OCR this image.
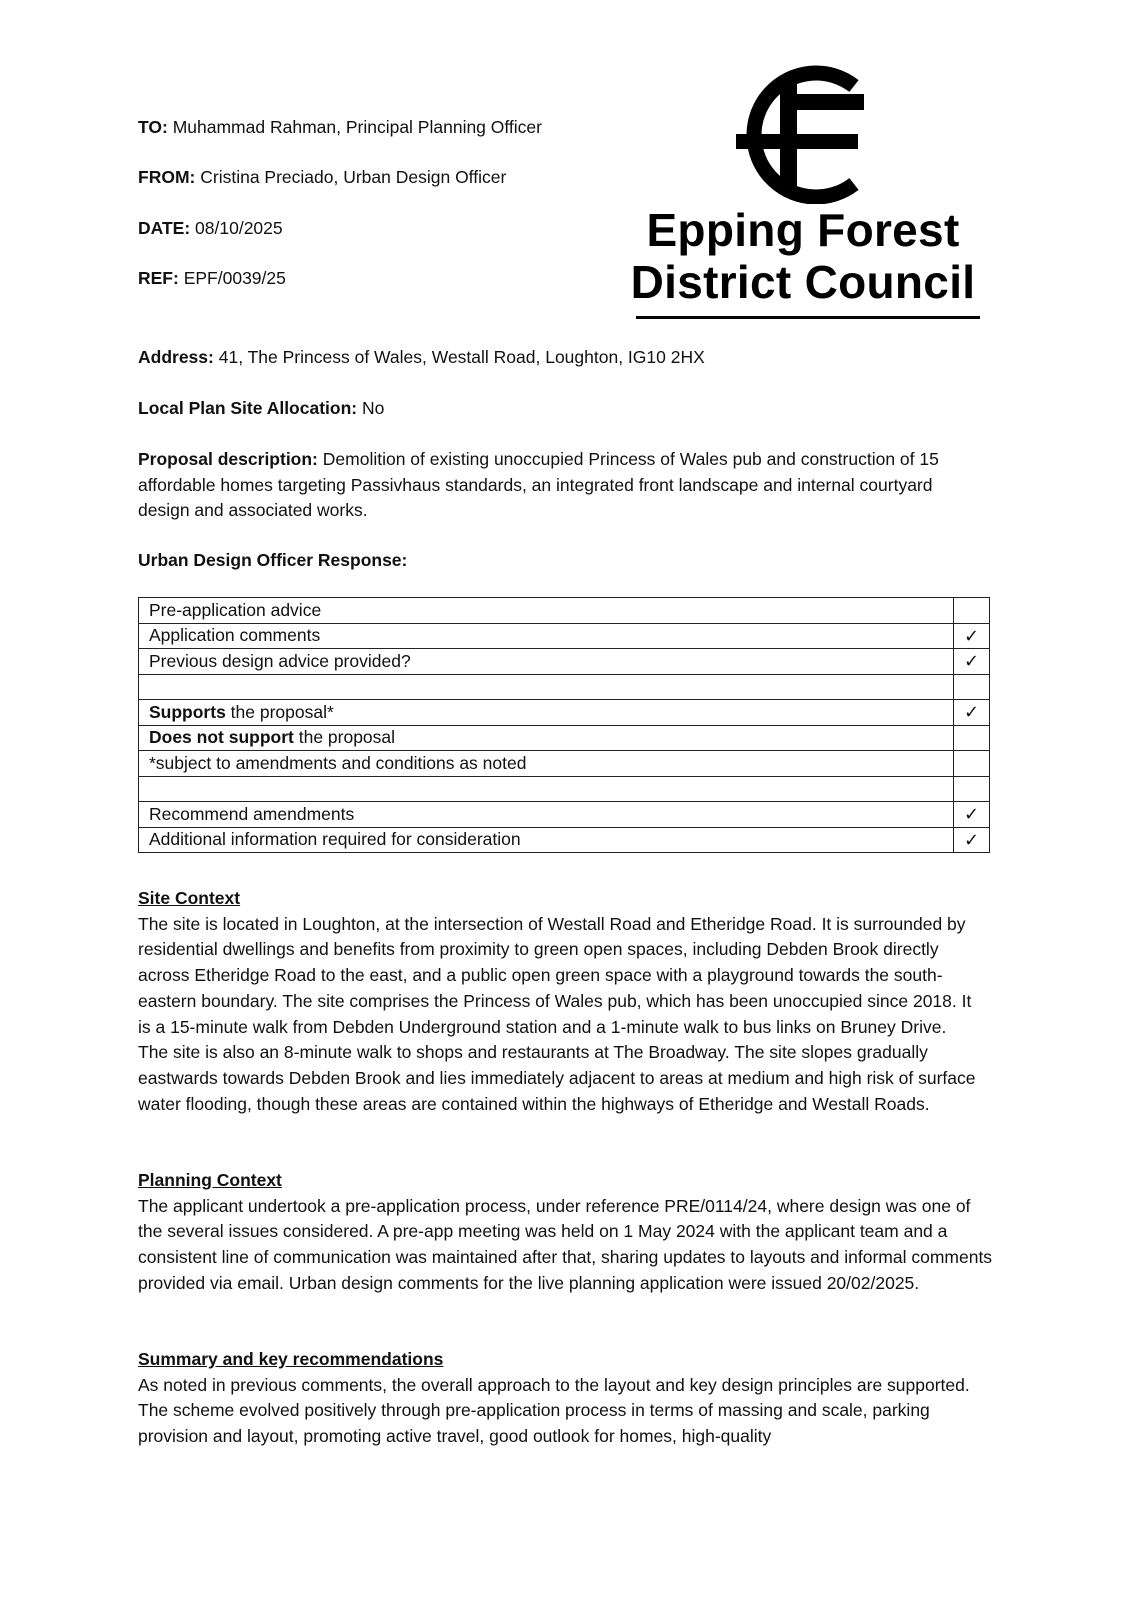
TO: Muhammad Rahman, Principal Planning Officer
FROM: Cristina Preciado, Urban Design Officer
DATE: 08/10/2025
REF: EPF/0039/25
Epping Forest
District Council
Address: 41, The Princess of Wales, Westall Road, Loughton, IG10 2HX
Local Plan Site Allocation: No
Proposal description: Demolition of existing unoccupied Princess of Wales pub and construction of 15 affordable homes targeting Passivhaus standards, an integrated front landscape and internal courtyard design and associated works.
Urban Design Officer Response:
Pre-application advice	
Application comments	✓
Previous design advice provided?	✓

Supports the proposal*	✓
Does not support the proposal	
*subject to amendments and conditions as noted	

Recommend amendments	✓
Additional information required for consideration	✓
Site Context
The site is located in Loughton, at the intersection of Westall Road and Etheridge Road. It is surrounded by residential dwellings and benefits from proximity to green open spaces, including Debden Brook directly across Etheridge Road to the east, and a public open green space with a playground towards the south-eastern boundary. The site comprises the Princess of Wales pub, which has been unoccupied since 2018. It is a 15-minute walk from Debden Underground station and a 1-minute walk to bus links on Bruney Drive. The site is also an 8-minute walk to shops and restaurants at The Broadway. The site slopes gradually eastwards towards Debden Brook and lies immediately adjacent to areas at medium and high risk of surface water flooding, though these areas are contained within the highways of Etheridge and Westall Roads.
Planning Context
The applicant undertook a pre-application process, under reference PRE/0114/24, where design was one of the several issues considered. A pre-app meeting was held on 1 May 2024 with the applicant team and a consistent line of communication was maintained after that, sharing updates to layouts and informal comments provided via email. Urban design comments for the live planning application were issued 20/02/2025.
Summary and key recommendations
As noted in previous comments, the overall approach to the layout and key design principles are supported. The scheme evolved positively through pre-application process in terms of massing and scale, parking provision and layout, promoting active travel, good outlook for homes, high-quality
